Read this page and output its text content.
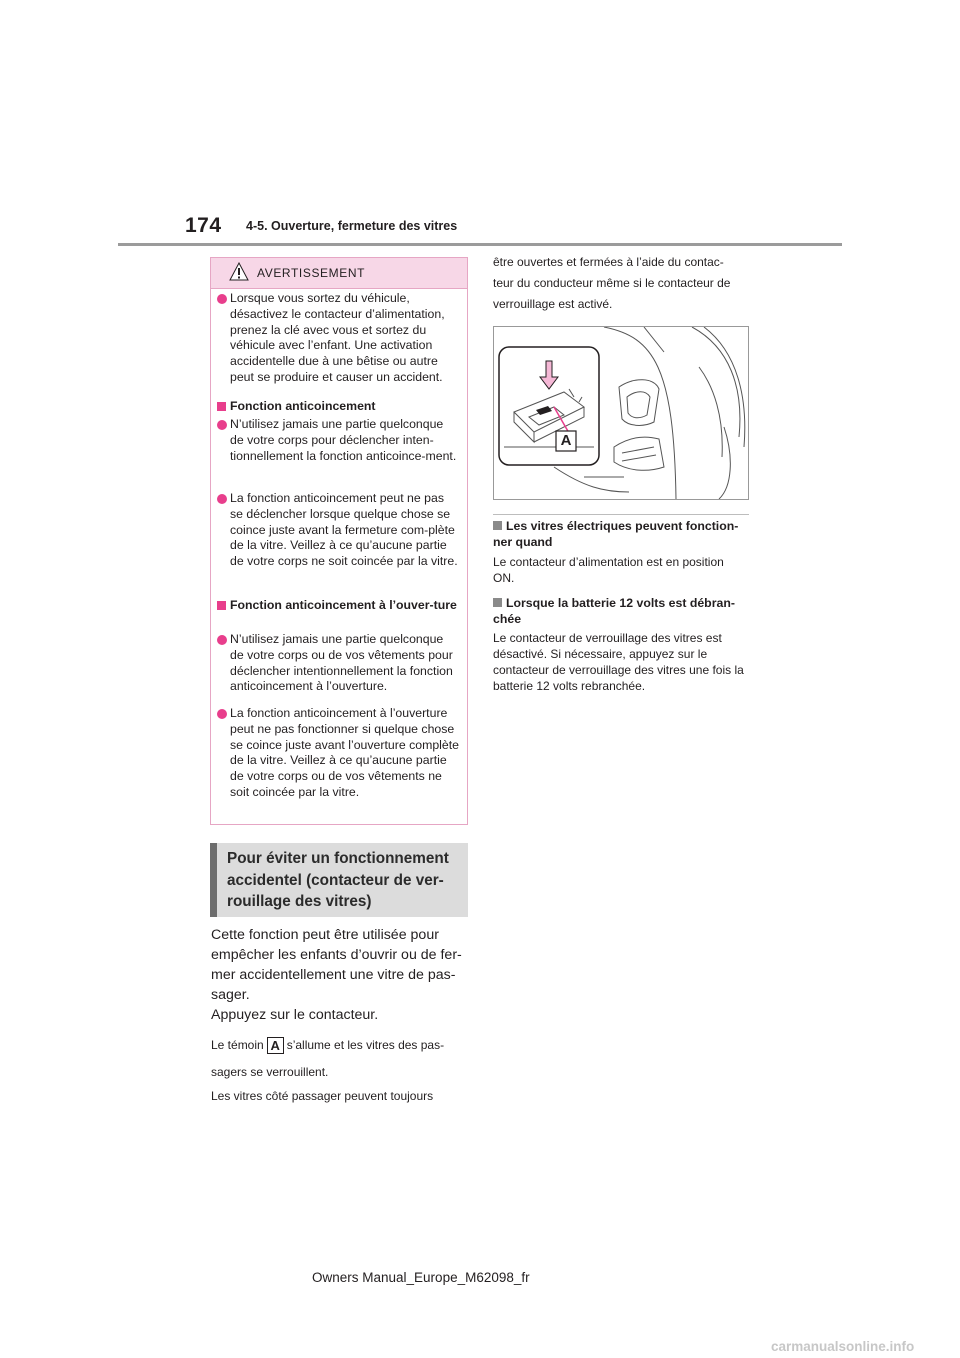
174 4-5. Ouverture, fermeture des vitres
AVERTISSEMENT
Lorsque vous sortez du véhicule, désactivez le contacteur d’alimentation, prenez la clé avec vous et sortez du véhicule avec l’enfant. Une activation accidentelle due à une bêtise ou autre peut se produire et causer un accident.
Fonction anticoincement
N’utilisez jamais une partie quelconque de votre corps pour déclencher inten-tionnellement la fonction anticoince-ment.
La fonction anticoincement peut ne pas se déclencher lorsque quelque chose se coince juste avant la fermeture com-plète de la vitre. Veillez à ce qu’aucune partie de votre corps ne soit coincée par la vitre.
Fonction anticoincement à l’ouver-ture
N’utilisez jamais une partie quelconque de votre corps ou de vos vêtements pour déclencher intentionnellement la fonction anticoincement à l’ouverture.
La fonction anticoincement à l’ouverture peut ne pas fonctionner si quelque chose se coince juste avant l’ouverture complète de la vitre. Veillez à ce qu’aucune partie de votre corps ou de vos vêtements ne soit coincée par la vitre.
Pour éviter un fonctionnement accidentel (contacteur de ver-rouillage des vitres)
Cette fonction peut être utilisée pour empêcher les enfants d’ouvrir ou de fer-mer accidentellement une vitre de pas-sager.
Appuyez sur le contacteur.
Le témoin A s’allume et les vitres des pas-
sagers se verrouillent.
Les vitres côté passager peuvent toujours
être ouvertes et fermées à l’aide du contac-
teur du conducteur même si le contacteur de
verrouillage est activé.
A
Les vitres électriques peuvent fonction-ner quand
Le contacteur d’alimentation est en position ON.
Lorsque la batterie 12 volts est débran-chée
Le contacteur de verrouillage des vitres est désactivé. Si nécessaire, appuyez sur le contacteur de verrouillage des vitres une fois la batterie 12 volts rebranchée.
Owners Manual_Europe_M62098_fr
carmanualsonline.info
